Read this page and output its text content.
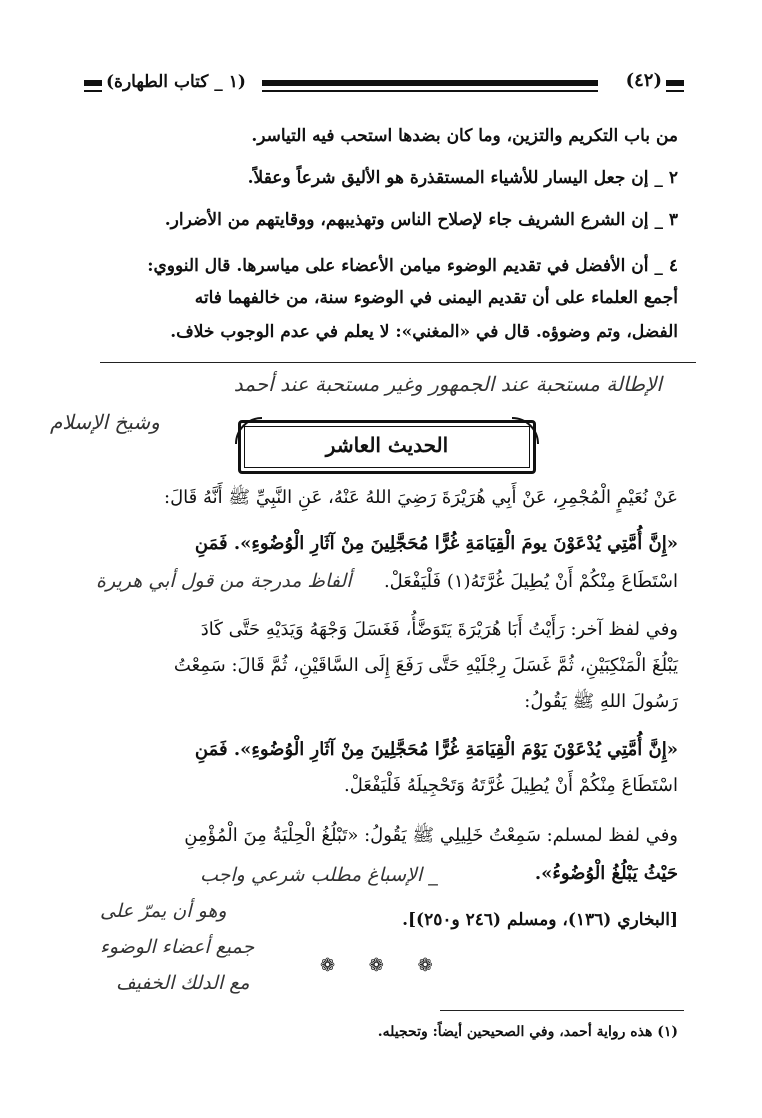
(٤٢)
(١ _ كتاب الطهارة)
من باب التكريم والتزين، وما كان بضدها استحب فيه التياسر.
٢ _ إن جعل اليسار للأشياء المستقذرة هو الأليق شرعاً وعقلاً.
٣ _ إن الشرع الشريف جاء لإصلاح الناس وتهذيبهم، ووقايتهم من الأضرار.
٤ _ أن الأفضل في تقديم الوضوء ميامن الأعضاء على مياسرها. قال النووي:
أجمع العلماء على أن تقديم اليمنى في الوضوء سنة، من خالفهما فاته
الفضل، وتم وضوؤه. قال في «المغني»: لا يعلم في عدم الوجوب خلاف.
الإطالة مستحبة عند الجمهور وغير مستحبة عند أحمد
وشيخ الإسلام
الحديث العاشر
عَنْ نُعَيْمٍ الْمُجْمِرِ، عَنْ أَبِي هُرَيْرَةَ رَضِيَ اللهُ عَنْهُ، عَنِ النَّبِيِّ ﷺ أَنَّهُ قَالَ:
«إِنَّ أُمَّتِي يُدْعَوْنَ يومَ الْقِيَامَةِ غُرًّا مُحَجَّلِينَ مِنْ آثَارِ الْوُضُوءِ». فَمَنِ
اسْتَطَاعَ مِنْكُمْ أَنْ يُطِيلَ غُرَّتَهُ(١) فَلْيَفْعَلْ.
ألفاظ مدرجة من قول أبي هريرة
وفي لفظ آخر: رَأَيْتُ أَبَا هُرَيْرَةَ يَتَوَضَّأُ، فَغَسَلَ وَجْهَهُ وَيَدَيْهِ حَتَّى كَادَ
يَبْلُغَ الْمَنْكِبَيْنِ، ثُمَّ غَسَلَ رِجْلَيْهِ حَتَّى رَفَعَ إِلَى السَّاقَيْنِ، ثُمَّ قَالَ: سَمِعْتُ
رَسُولَ اللهِ ﷺ يَقُولُ:
«إِنَّ أُمَّتِي يُدْعَوْنَ يَوْمَ الْقِيَامَةِ غُرًّا مُحَجَّلِينَ مِنْ آثَارِ الْوُضُوءِ». فَمَنِ
اسْتَطَاعَ مِنْكُمْ أَنْ يُطِيلَ غُرَّتَهُ وَتَحْجِيلَهُ فَلْيَفْعَلْ.
وفي لفظ لمسلم: سَمِعْتُ خَلِيلِي ﷺ يَقُولُ: «تَبْلُغُ الْحِلْيَةُ مِنَ الْمُؤْمِنِ
حَيْثُ يَبْلُغُ الْوُضُوءُ».
_ الإسباغ مطلب شرعي واجب
[البخاري (١٣٦)، ومسلم (٢٤٦ و٢٥٠)].
وهو أن يمرّ على
جميع أعضاء الوضوء
مع الدلك الخفيف
❁ ❁ ❁
(١) هذه رواية أحمد، وفي الصحيحين أيضاً: وتحجيله.
